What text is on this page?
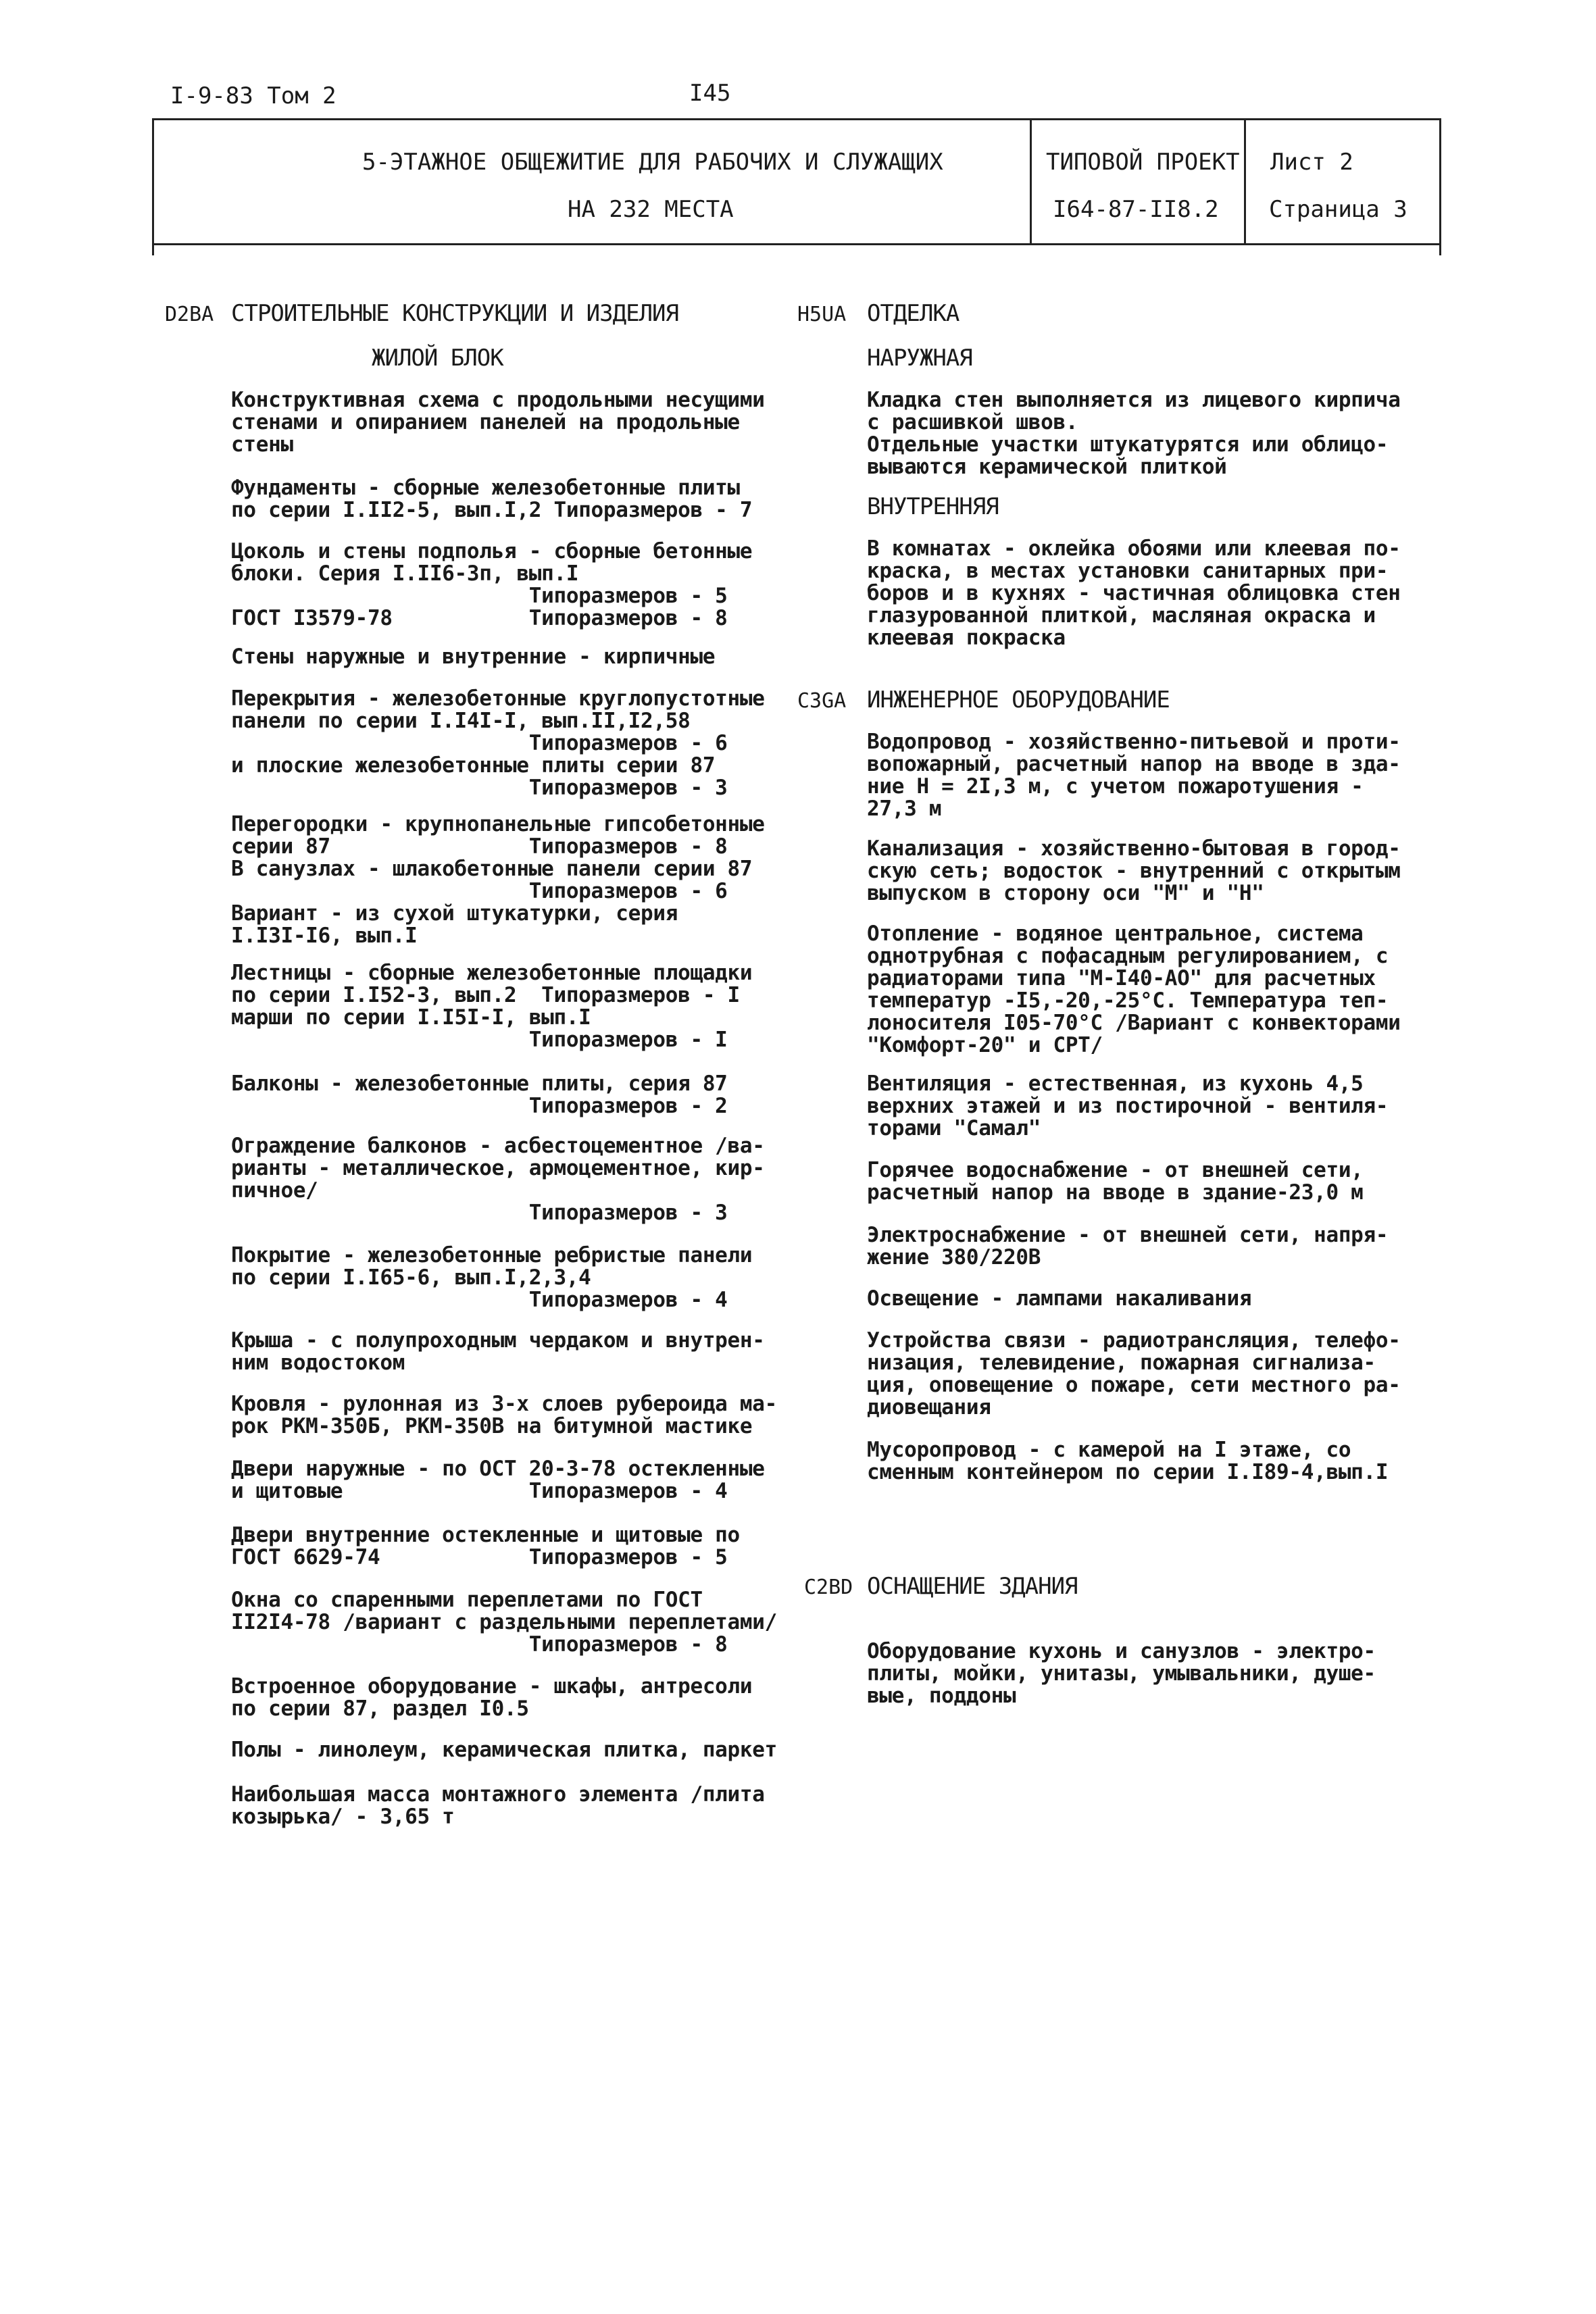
I-9-83 Том 2	I45
5-ЭТАЖНОЕ ОБЩЕЖИТИЕ ДЛЯ РАБОЧИХ И СЛУЖАЩИХ
НА 232 МЕСТА
ТИПОВОЙ ПРОЕКТ
I64-87-II8.2
Лист 2
Страница 3
D2BA СТРОИТЕЛЬНЫЕ КОНСТРУКЦИИ И ИЗДЕЛИЯ
ЖИЛОЙ БЛОК
Конструктивная схема с продольными несущими
стенами и опиранием панелей на продольные
стены
Фундаменты - сборные железобетонные плиты
по серии I.II2-5, вып.I,2 Типоразмеров - 7
Цоколь и стены подполья - сборные бетонные
блоки. Серия I.II6-3п, вып.I
Типоразмеров - 5
ГОСТ I3579-78           Типоразмеров - 8
Стены наружные и внутренние - кирпичные
Перекрытия - железобетонные круглопустотные
панели по серии I.I4I-I, вып.II,I2,58
Типоразмеров - 6
и плоские железобетонные плиты серии 87
Типоразмеров - 3
Перегородки - крупнопанельные гипсобетонные
серии 87                Типоразмеров - 8
В санузлах - шлакобетонные панели серии 87
Типоразмеров - 6
Вариант - из сухой штукатурки, серия
I.I3I-I6, вып.I
Лестницы - сборные железобетонные площадки
по серии I.I52-3, вып.2  Типоразмеров - I
марши по серии I.I5I-I, вып.I
Типоразмеров - I
Балконы - железобетонные плиты, серия 87
Типоразмеров - 2
Ограждение балконов - асбестоцементное /ва-
рианты - металлическое, армоцементное, кир-
пичное/
Типоразмеров - 3
Покрытие - железобетонные ребристые панели
по серии I.I65-6, вып.I,2,3,4
Типоразмеров - 4
Крыша - с полупроходным чердаком и внутрен-
ним водостоком
Кровля - рулонная из 3-х слоев рубероида ма-
рок РКМ-350Б, РКМ-350В на битумной мастике
Двери наружные - по ОСТ 20-3-78 остекленные
и щитовые               Типоразмеров - 4
Двери внутренние остекленные и щитовые по
ГОСТ 6629-74            Типоразмеров - 5
Окна со спаренными переплетами по ГОСТ
II2I4-78 /вариант с раздельными переплетами/
Типоразмеров - 8
Встроенное оборудование - шкафы, антресоли
по серии 87, раздел I0.5
Полы - линолеум, керамическая плитка, паркет
Наибольшая масса монтажного элемента /плита
козырька/ - 3,65 т
H5UA ОТДЕЛКА
НАРУЖНАЯ
Кладка стен выполняется из лицевого кирпича
с расшивкой швов.
Отдельные участки штукатурятся или облицо-
вываются керамической плиткой
ВНУТРЕННЯЯ
В комнатах - оклейка обоями или клеевая по-
краска, в местах установки санитарных при-
боров и в кухнях - частичная облицовка стен
глазурованной плиткой, масляная окраска и
клеевая покраска
C3GA ИНЖЕНЕРНОЕ ОБОРУДОВАНИЕ
Водопровод - хозяйственно-питьевой и проти-
вопожарный, расчетный напор на вводе в зда-
ние Н = 2I,3 м, с учетом пожаротушения -
27,3 м
Канализация - хозяйственно-бытовая в город-
скую сеть; водосток - внутренний с открытым
выпуском в сторону оси "М" и "Н"
Отопление - водяное центральное, система
однотрубная с пофасадным регулированием, с
радиаторами типа "М-I40-АО" для расчетных
температур -I5,-20,-25°С. Температура теп-
лоносителя I05-70°С /Вариант с конвекторами
"Комфорт-20" и СРТ/
Вентиляция - естественная, из кухонь 4,5
верхних этажей и из постирочной - вентиля-
торами "Самал"
Горячее водоснабжение - от внешней сети,
расчетный напор на вводе в здание-23,0 м
Электроснабжение - от внешней сети, напря-
жение 380/220В
Освещение - лампами накаливания
Устройства связи - радиотрансляция, телефо-
низация, телевидение, пожарная сигнализа-
ция, оповещение о пожаре, сети местного ра-
диовещания
Мусоропровод - с камерой на I этаже, со
сменным контейнером по серии I.I89-4,вып.I
C2BD ОСНАЩЕНИЕ ЗДАНИЯ
Оборудование кухонь и санузлов - электро-
плиты, мойки, унитазы, умывальники, душе-
вые, поддоны
